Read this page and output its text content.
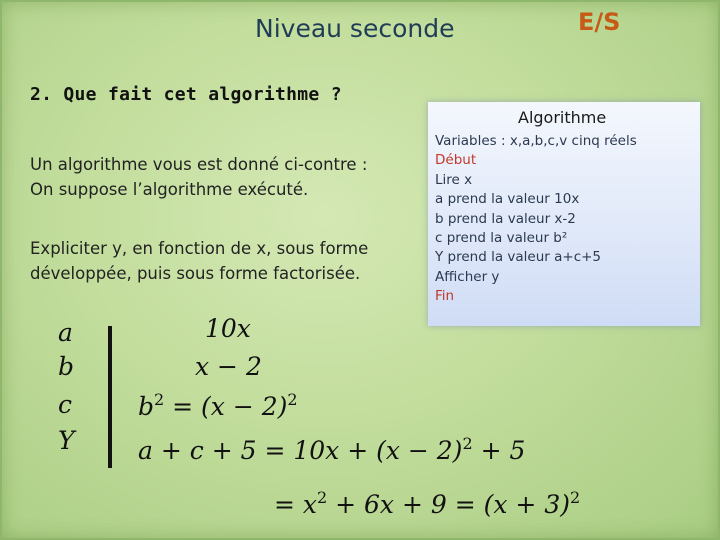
Niveau seconde	E/S
2. Que fait cet algorithme ?
Un algorithme vous est donné ci-contre :
On suppose l’algorithme exécuté.
Expliciter y, en fonction de x, sous forme
développée, puis sous forme factorisée.
Algorithme
Variables : x,a,b,c,v cinq réels
Début
Lire x
a prend la valeur 10x
b prend la valeur x-2
c prend la valeur b²
Y prend la valeur a+c+5
Afficher y
Fin
a
b
c
Y
10x
x − 2
$b^2 = (x - 2)^2$
$a + c + 5 = 10x + (x - 2)^2 + 5$
= $x^2 + 6x + 9 = (x + 3)^2$
